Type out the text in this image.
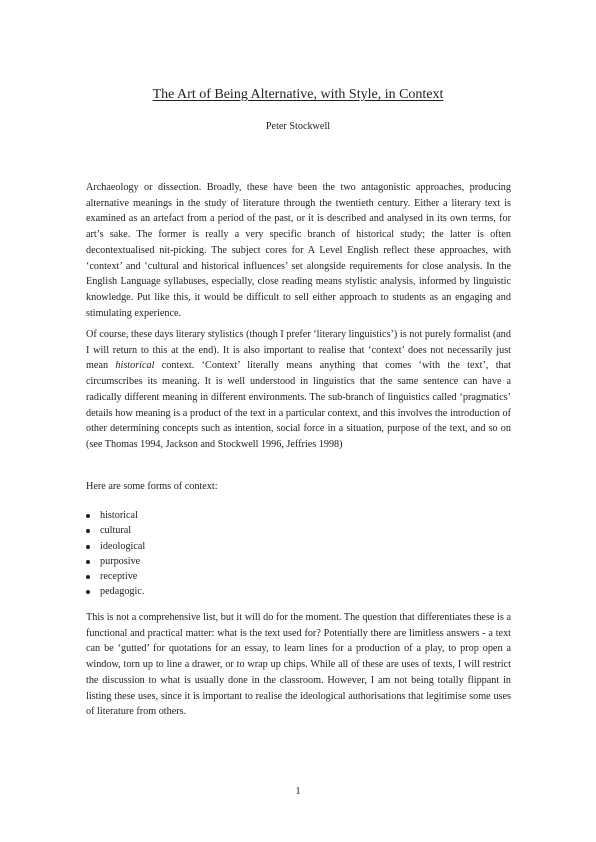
The Art of Being Alternative, with Style, in Context
Peter Stockwell

Archaeology or dissection. Broadly, these have been the two antagonistic approaches, producing alternative meanings in the study of literature through the twentieth century. Either a literary text is examined as an artefact from a period of the past, or it is described and analysed in its own terms, for art’s sake. The former is really a very specific branch of historical study; the latter is often decontextualised nit-picking. The subject cores for A Level English reflect these approaches, with ‘context’ and ‘cultural and historical influences’ set alongside requirements for close analysis. In the English Language syllabuses, especially, close reading means stylistic analysis, informed by linguistic knowledge. Put like this, it would be difficult to sell either approach to students as an engaging and stimulating experience.

Of course, these days literary stylistics (though I prefer ‘literary linguistics’) is not purely formalist (and I will return to this at the end). It is also important to realise that ‘context’ does not necessarily just mean historical context. ‘Context’ literally means anything that comes ‘with the text’, that circumscribes its meaning. It is well understood in linguistics that the same sentence can have a radically different meaning in different environments. The sub-branch of linguistics called ‘pragmatics’ details how meaning is a product of the text in a particular context, and this involves the introduction of other determining concepts such as intention, social force in a situation, purpose of the text, and so on (see Thomas 1994, Jackson and Stockwell 1996, Jeffries 1998)

Here are some forms of context:

historical
cultural
ideological
purposive
receptive
pedagogic.

This is not a comprehensive list, but it will do for the moment. The question that differentiates these is a functional and practical matter: what is the text used for? Potentially there are limitless answers - a text can be ‘gutted’ for quotations for an essay, to learn lines for a production of a play, to prop open a window, torn up to line a drawer, or to wrap up chips. While all of these are uses of texts, I will restrict the discussion to what is usually done in the classroom. However, I am not being totally flippant in listing these uses, since it is important to realise the ideological authorisations that legitimise some uses of literature from others.

1
